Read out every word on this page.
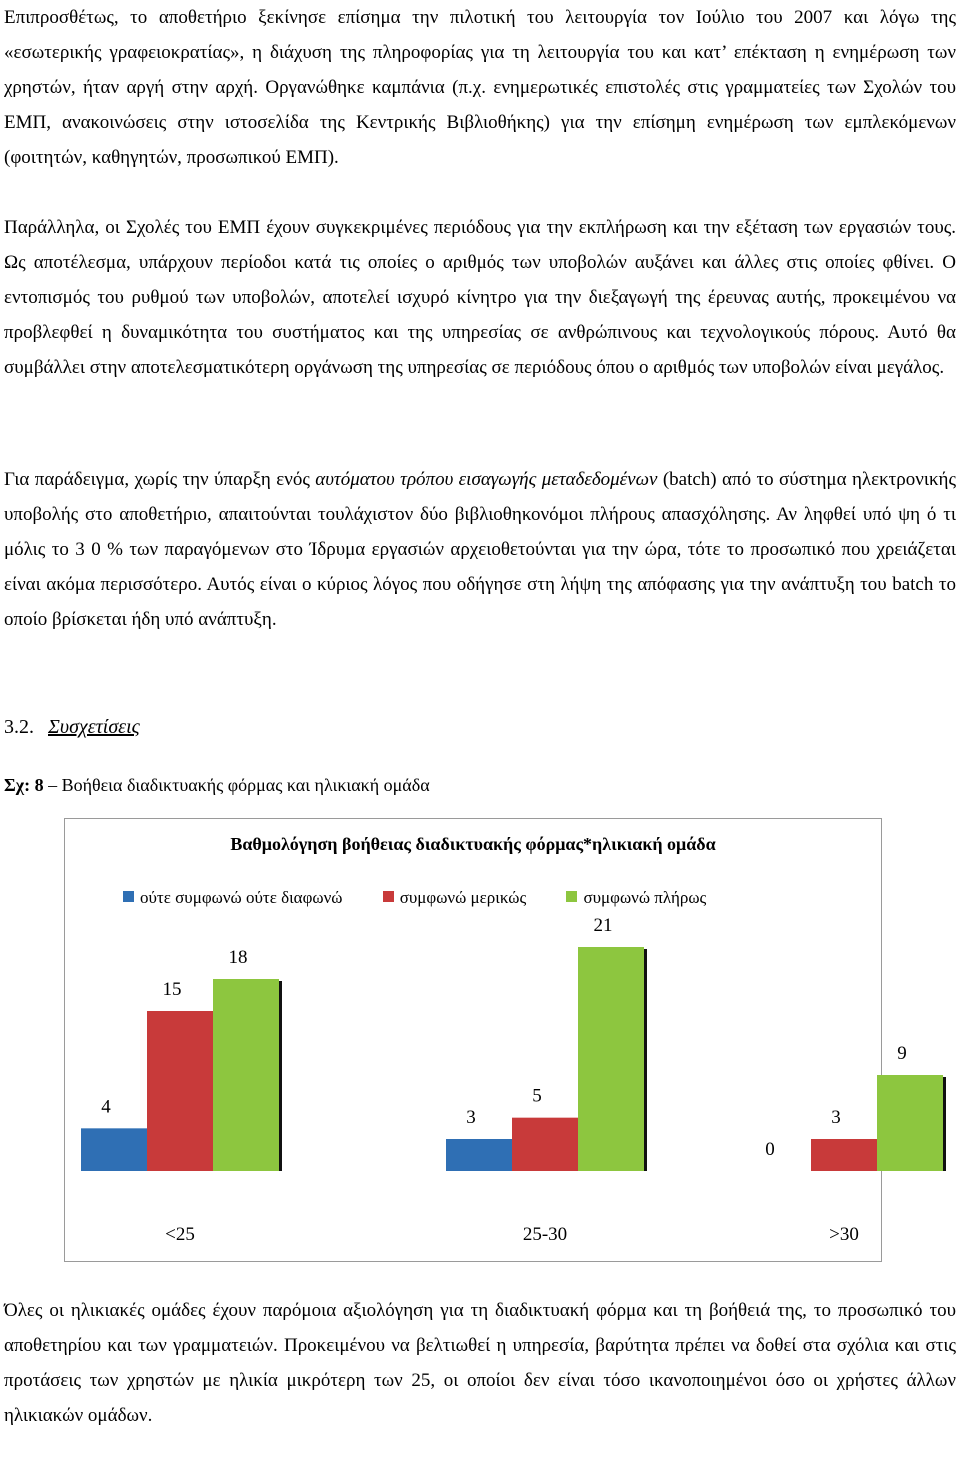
Επιπροσθέτως, το αποθετήριο ξεκίνησε επίσημα την πιλοτική του λειτουργία τον Ιούλιο του 2007 και λόγω της «εσωτερικής γραφειοκρατίας», η διάχυση της πληροφορίας για τη λειτουργία του και κατ’ επέκταση η ενημέρωση των χρηστών, ήταν αργή στην αρχή. Οργανώθηκε καμπάνια (π.χ. ενημερωτικές επιστολές στις γραμματείες των Σχολών του ΕΜΠ, ανακοινώσεις στην ιστοσελίδα της Κεντρικής Βιβλιοθήκης) για την επίσημη ενημέρωση των εμπλεκόμενων (φοιτητών, καθηγητών, προσωπικού ΕΜΠ).
Παράλληλα, οι Σχολές του ΕΜΠ έχουν συγκεκριμένες περιόδους για την εκπλήρωση και την εξέταση των εργασιών τους. Ως αποτέλεσμα, υπάρχουν περίοδοι κατά τις οποίες ο αριθμός των υποβολών αυξάνει και άλλες στις οποίες φθίνει. Ο εντοπισμός του ρυθμού των υποβολών, αποτελεί ισχυρό κίνητρο για την διεξαγωγή της έρευνας αυτής, προκειμένου να προβλεφθεί η δυναμικότητα του συστήματος και της υπηρεσίας σε ανθρώπινους και τεχνολογικούς πόρους. Αυτό θα συμβάλλει στην αποτελεσματικότερη οργάνωση της υπηρεσίας σε περιόδους όπου ο αριθμός των υποβολών είναι μεγάλος.
Για παράδειγμα, χωρίς την ύπαρξη ενός αυτόματου τρόπου εισαγωγής μεταδεδομένων (batch) από το σύστημα ηλεκτρονικής υποβολής στο αποθετήριο, απαιτούνται τουλάχιστον δύο βιβλιοθηκονόμοι πλήρους απασχόλησης. Αν ληφθεί υπό ψη ό τι μόλις το 3 0 % των παραγόμενων στο Ίδρυμα εργασιών αρχειοθετούνται για την ώρα, τότε το προσωπικό που χρειάζεται είναι ακόμα περισσότερο. Αυτός είναι ο κύριος λόγος που οδήγησε στη λήψη της απόφασης για την ανάπτυξη του batch το οποίο βρίσκεται ήδη υπό ανάπτυξη.
3.2. Συσχετίσεις
Σχ: 8 – Βοήθεια διαδικτυακής φόρμας και ηλικιακή ομάδα
Βαθμολόγηση βοήθειας διαδικτυακής φόρμας*ηλικιακή ομάδα
ούτε συμφωνώ ούτε διαφωνώ	συμφωνώ μερικώς	συμφωνώ πλήρως
4
15
18
<25
3
5
21
25-30
0
3
9
>30
Όλες οι ηλικιακές ομάδες έχουν παρόμοια αξιολόγηση για τη διαδικτυακή φόρμα και τη βοήθειά της, το προσωπικό του αποθετηρίου και των γραμματειών. Προκειμένου να βελτιωθεί η υπηρεσία, βαρύτητα πρέπει να δοθεί στα σχόλια και στις προτάσεις των χρηστών με ηλικία μικρότερη των 25, οι οποίοι δεν είναι τόσο ικανοποιημένοι όσο οι χρήστες άλλων ηλικιακών ομάδων.
